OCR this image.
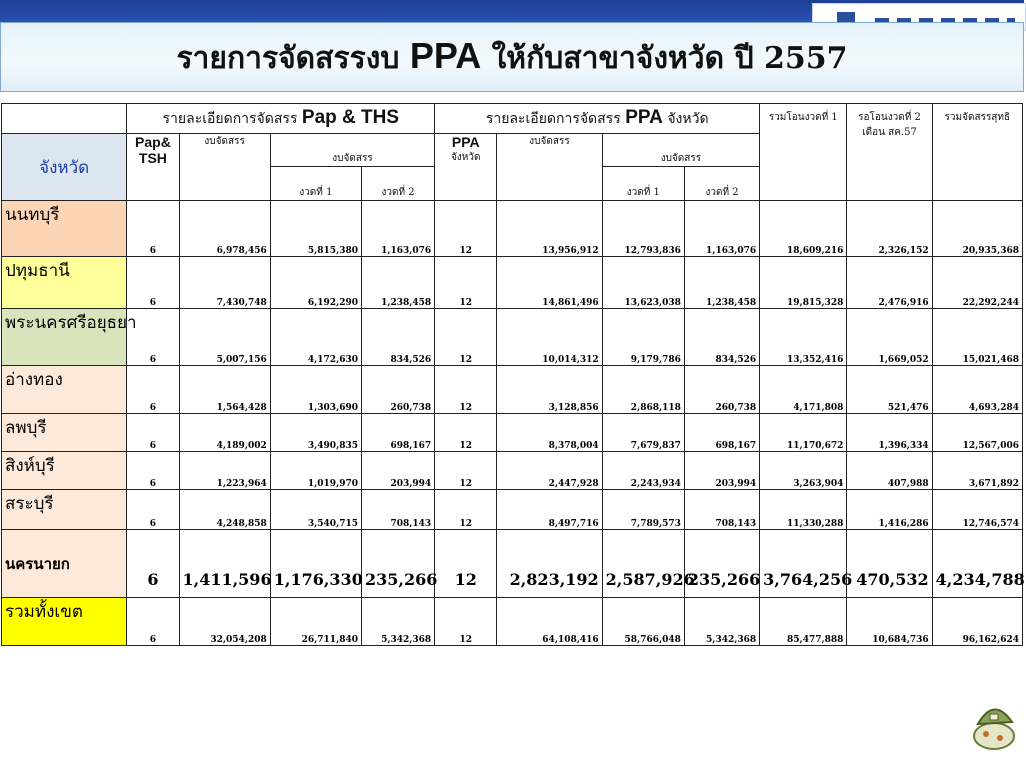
รายการจัดสรรงบ PPA ให้กับสาขาจังหวัด ปี 2557
	รายละเอียดการจัดสรร Pap & THS				รายละเอียดการจัดสรร PPA จังหวัด				รวมโอนงวดที่ 1	รอโอนงวดที่ 2 เดือน สค.57	รวมจัดสรรสุทธิ
จังหวัด	Pap& TSH	งบจัดสรร	งบจัดสรร		PPA
จังหวัด	งบจัดสรร	งบจัดสรร				
			งวดที่ 1	งวดที่ 2			งวดที่ 1	งวดที่ 2			
นนทบุรี	6	6,978,456	5,815,380	1,163,076	12	13,956,912	12,793,836	1,163,076	18,609,216	2,326,152	20,935,368
ปทุมธานี	6	7,430,748	6,192,290	1,238,458	12	14,861,496	13,623,038	1,238,458	19,815,328	2,476,916	22,292,244
พระนครศรีอยุธยา	6	5,007,156	4,172,630	834,526	12	10,014,312	9,179,786	834,526	13,352,416	1,669,052	15,021,468
อ่างทอง	6	1,564,428	1,303,690	260,738	12	3,128,856	2,868,118	260,738	4,171,808	521,476	4,693,284
ลพบุรี	6	4,189,002	3,490,835	698,167	12	8,378,004	7,679,837	698,167	11,170,672	1,396,334	12,567,006
สิงห์บุรี	6	1,223,964	1,019,970	203,994	12	2,447,928	2,243,934	203,994	3,263,904	407,988	3,671,892
สระบุรี	6	4,248,858	3,540,715	708,143	12	8,497,716	7,789,573	708,143	11,330,288	1,416,286	12,746,574
นครนายก	6	1,411,596	1,176,330	235,266	12	2,823,192	2,587,926	235,266	3,764,256	470,532	4,234,788
รวมทั้งเขต	6	32,054,208	26,711,840	5,342,368	12	64,108,416	58,766,048	5,342,368	85,477,888	10,684,736	96,162,624
